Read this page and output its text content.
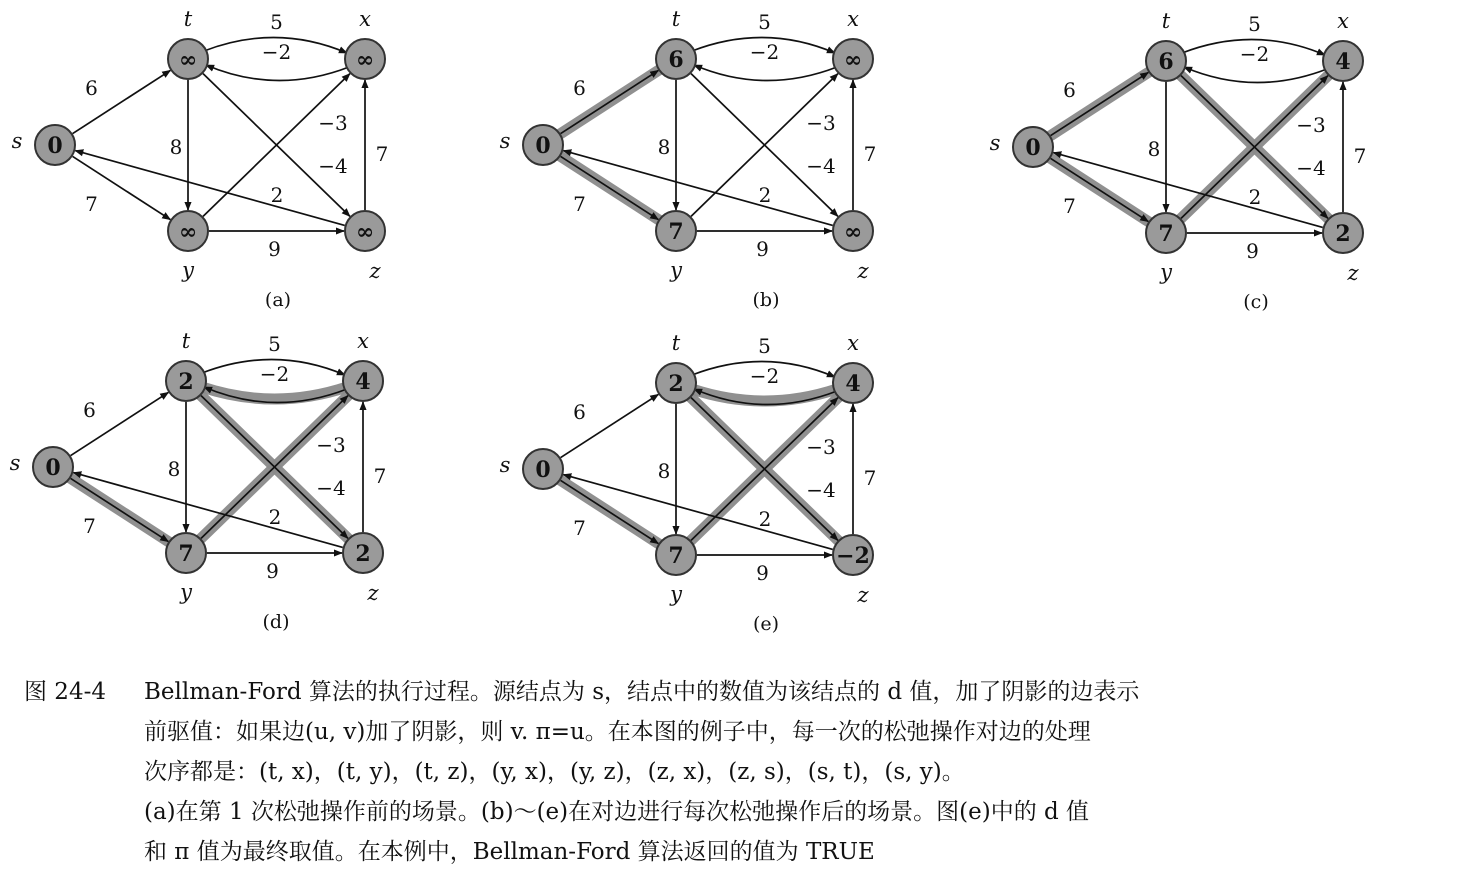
5
−2
6
7
8
−4
−3
9
7
2
0
s
∞
t
∞
x
∞
y
∞
z
(a)
5
−2
6
7
8
−4
−3
9
7
2
0
s
6
t
∞
x
7
y
∞
z
(b)
5
−2
6
7
8
−4
−3
9
7
2
0
s
6
t
4
x
7
y
2
z
(c)
5
−2
6
7
8
−4
−3
9
7
2
0
s
2
t
4
x
7
y
2
z
(d)
5
−2
6
7
8
−4
−3
9
7
2
0
s
2
t
4
x
7
y
−2
z
(e)
图 24-4 Bellman-Ford 算法的执行过程。源结点为 s，结点中的数值为该结点的 d 值，加了阴影的边表示
前驱值：如果边(u, v)加了阴影，则 v. π=u。在本图的例子中，每一次的松弛操作对边的处理
次序都是：(t, x)，(t, y)，(t, z)，(y, x)，(y, z)，(z, x)，(z, s)，(s, t)，(s, y)。
(a)在第 1 次松弛操作前的场景。(b)～(e)在对边进行每次松弛操作后的场景。图(e)中的 d 值
和 π 值为最终取值。在本例中，Bellman-Ford 算法返回的值为 TRUE
